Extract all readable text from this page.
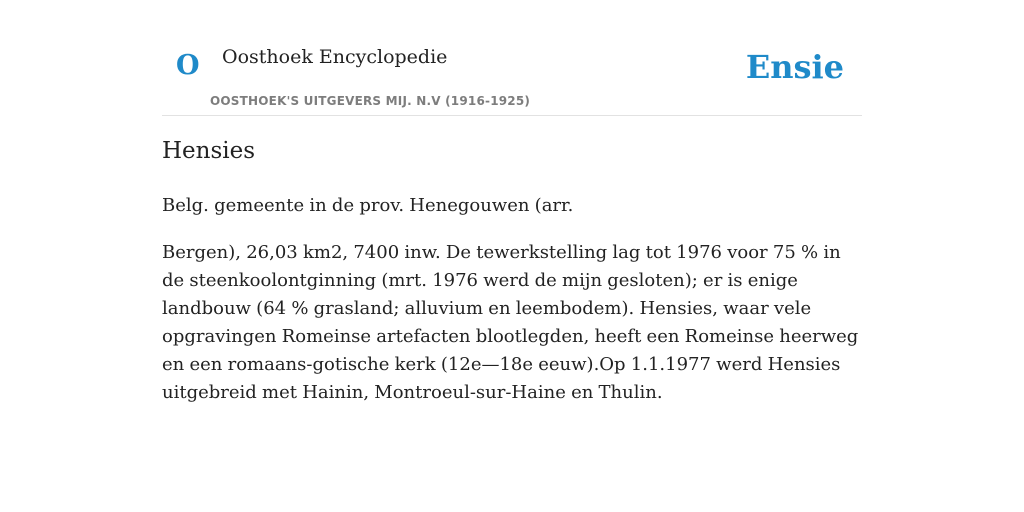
O Oosthoek Encyclopedie
OOSTHOEK'S UITGEVERS MIJ. N.V (1916-1925)
Ensie
Hensies

Belg. gemeente in de prov. Henegouwen (arr.

Bergen), 26,03 km2, 7400 inw. De tewerkstelling lag tot 1976 voor 75 % in de steenkoolontginning (mrt. 1976 werd de mijn gesloten); er is enige landbouw (64 % grasland; alluvium en leembodem). Hensies, waar vele opgravingen Romeinse artefacten blootlegden, heeft een Romeinse heerweg en een romaans-gotische kerk (12e—18e eeuw).Op 1.1.1977 werd Hensies uitgebreid met Hainin, Montroeul-sur-Haine en Thulin.
